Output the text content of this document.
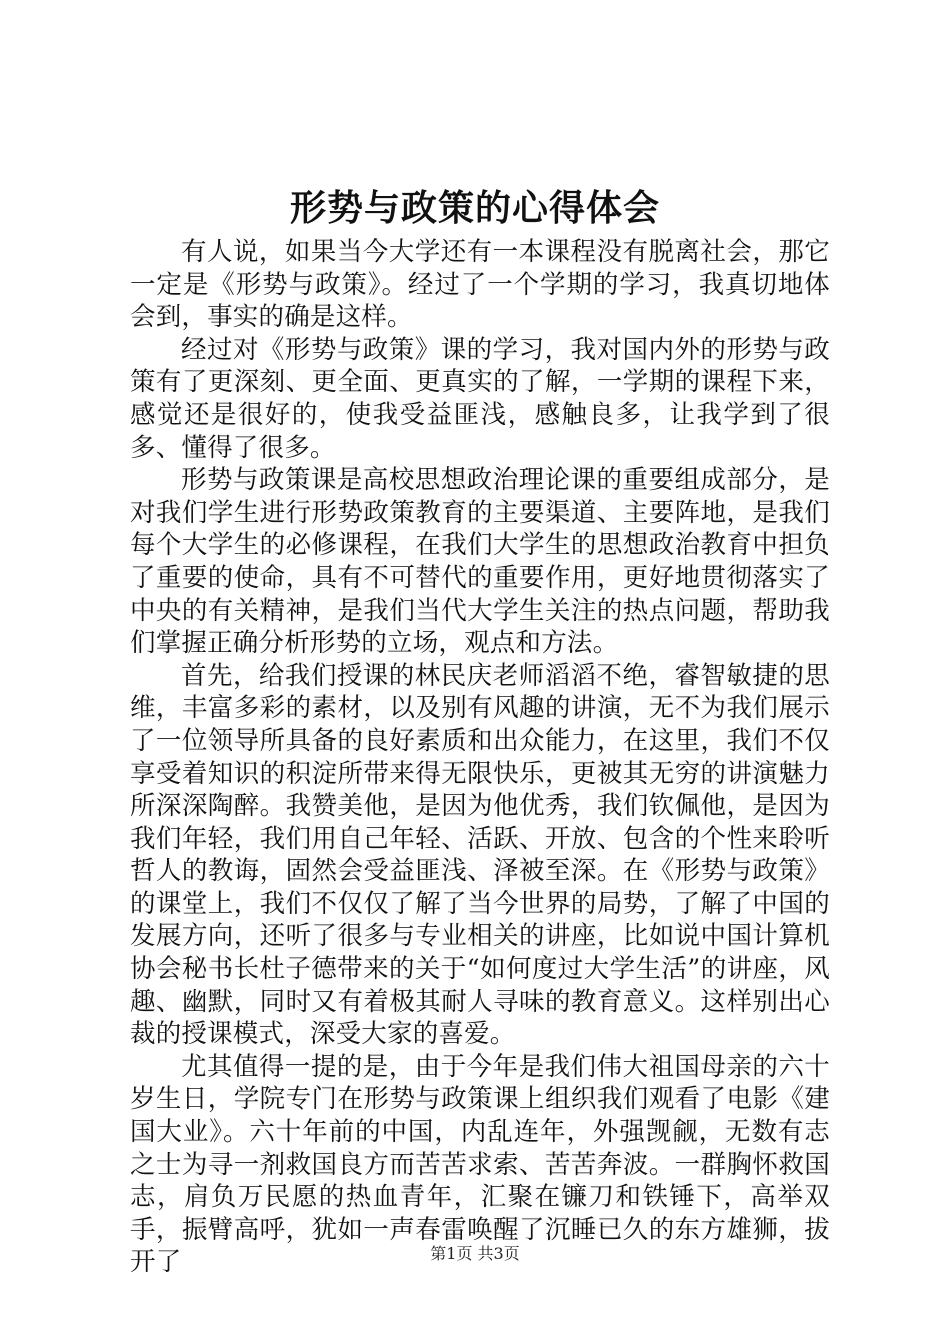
形势与政策的心得体会

有人说，如果当今大学还有一本课程没有脱离社会，那它一定是《形势与政策》。经过了一个学期的学习，我真切地体会到，事实的确是这样。

经过对《形势与政策》课的学习，我对国内外的形势与政策有了更深刻、更全面、更真实的了解，一学期的课程下来，感觉还是很好的，使我受益匪浅，感触良多，让我学到了很多、懂得了很多。

形势与政策课是高校思想政治理论课的重要组成部分，是对我们学生进行形势政策教育的主要渠道、主要阵地，是我们每个大学生的必修课程，在我们大学生的思想政治教育中担负了重要的使命，具有不可替代的重要作用，更好地贯彻落实了中央的有关精神，是我们当代大学生关注的热点问题，帮助我们掌握正确分析形势的立场，观点和方法。

首先，给我们授课的林民庆老师滔滔不绝，睿智敏捷的思维，丰富多彩的素材，以及别有风趣的讲演，无不为我们展示了一位领导所具备的良好素质和出众能力，在这里，我们不仅享受着知识的积淀所带来得无限快乐，更被其无穷的讲演魅力所深深陶醉。我赞美他，是因为他优秀，我们钦佩他，是因为我们年轻，我们用自己年轻、活跃、开放、包含的个性来聆听哲人的教诲，固然会受益匪浅、泽被至深。在《形势与政策》的课堂上，我们不仅仅了解了当今世界的局势，了解了中国的发展方向，还听了很多与专业相关的讲座，比如说中国计算机协会秘书长杜子德带来的关于“如何度过大学生活”的讲座，风趣、幽默，同时又有着极其耐人寻味的教育意义。这样别出心裁的授课模式，深受大家的喜爱。

尤其值得一提的是，由于今年是我们伟大祖国母亲的六十岁生日，学院专门在形势与政策课上组织我们观看了电影《建国大业》。六十年前的中国，内乱连年，外强觊觎，无数有志之士为寻一剂救国良方而苦苦求索、苦苦奔波。一群胸怀救国志，肩负万民愿的热血青年，汇聚在镰刀和铁锤下，高举双手，振臂高呼，犹如一声春雷唤醒了沉睡已久的东方雄狮，拔开了	第1页 共3页
